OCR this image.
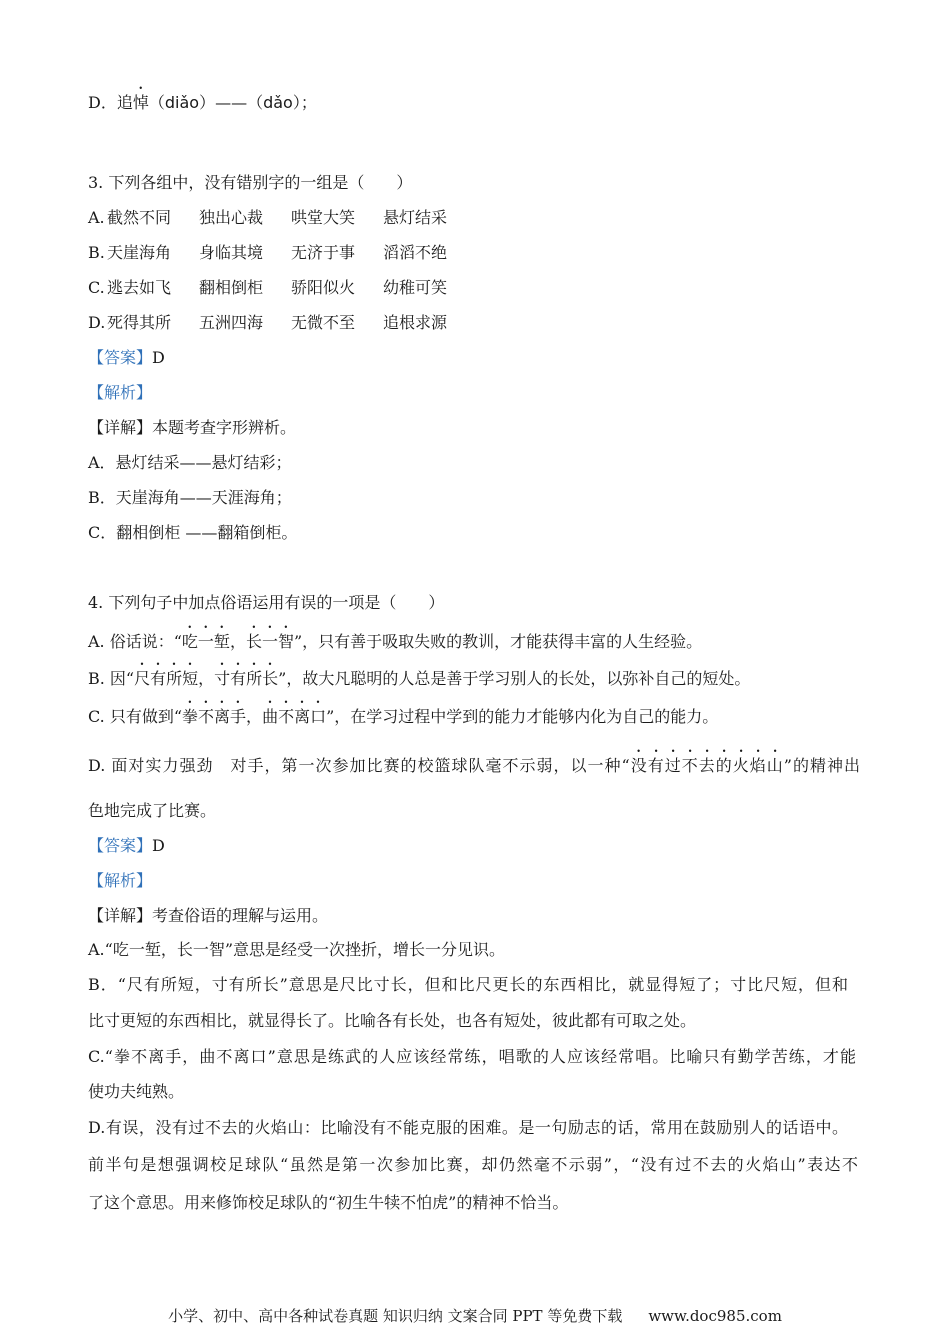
D．追悼（diǎo）——（dǎo）；
3. 下列各组中，没有错别字的一组是（　　）
A. 截然不同 独出心裁 哄堂大笑 悬灯结采
B. 天崖海角 身临其境 无济于事 滔滔不绝
C. 逃去如飞 翻相倒柜 骄阳似火 幼稚可笑
D. 死得其所 五洲四海 无微不至 追根求源
【答案】D
【解析】
【详解】本题考查字形辨析。
A．悬灯结采——悬灯结彩；
B．天崖海角——天涯海角；
C．翻相倒柜 ——翻箱倒柜。
4. 下列句子中加点俗语运用有误的一项是（　　）
A. 俗话说：“吃一堑，长一智”，只有善于吸取失败的教训，才能获得丰富的人生经验。
B. 因“尺有所短，寸有所长”，故大凡聪明的人总是善于学习别人的长处，以弥补自己的短处。
C. 只有做到“拳不离手，曲不离口”，在学习过程中学到的能力才能够内化为自己的能力。
D. 面对实力强劲　对手，第一次参加比赛的校篮球队毫不示弱，以一种“没有过不去的火焰山”的精神出
色地完成了比赛。
【答案】D
【解析】
【详解】考查俗语的理解与运用。
A.“吃一堑，长一智”意思是经受一次挫折，增长一分见识。
B．“尺有所短，寸有所长”意思是尺比寸长，但和比尺更长的东西相比，就显得短了；寸比尺短，但和
比寸更短的东西相比，就显得长了。比喻各有长处，也各有短处，彼此都有可取之处。
C.“拳不离手，曲不离口”意思是练武的人应该经常练，唱歌的人应该经常唱。比喻只有勤学苦练，才能
使功夫纯熟。
D.有误，没有过不去的火焰山：比喻没有不能克服的困难。是一句励志的话，常用在鼓励别人的话语中。
前半句是想强调校足球队“虽然是第一次参加比赛，却仍然毫不示弱”，“没有过不去的火焰山”表达不
了这个意思。用来修饰校足球队的“初生牛犊不怕虎”的精神不恰当。
小学、初中、高中各种试卷真题 知识归纳 文案合同 PPT 等免费下载 www.doc985.com
